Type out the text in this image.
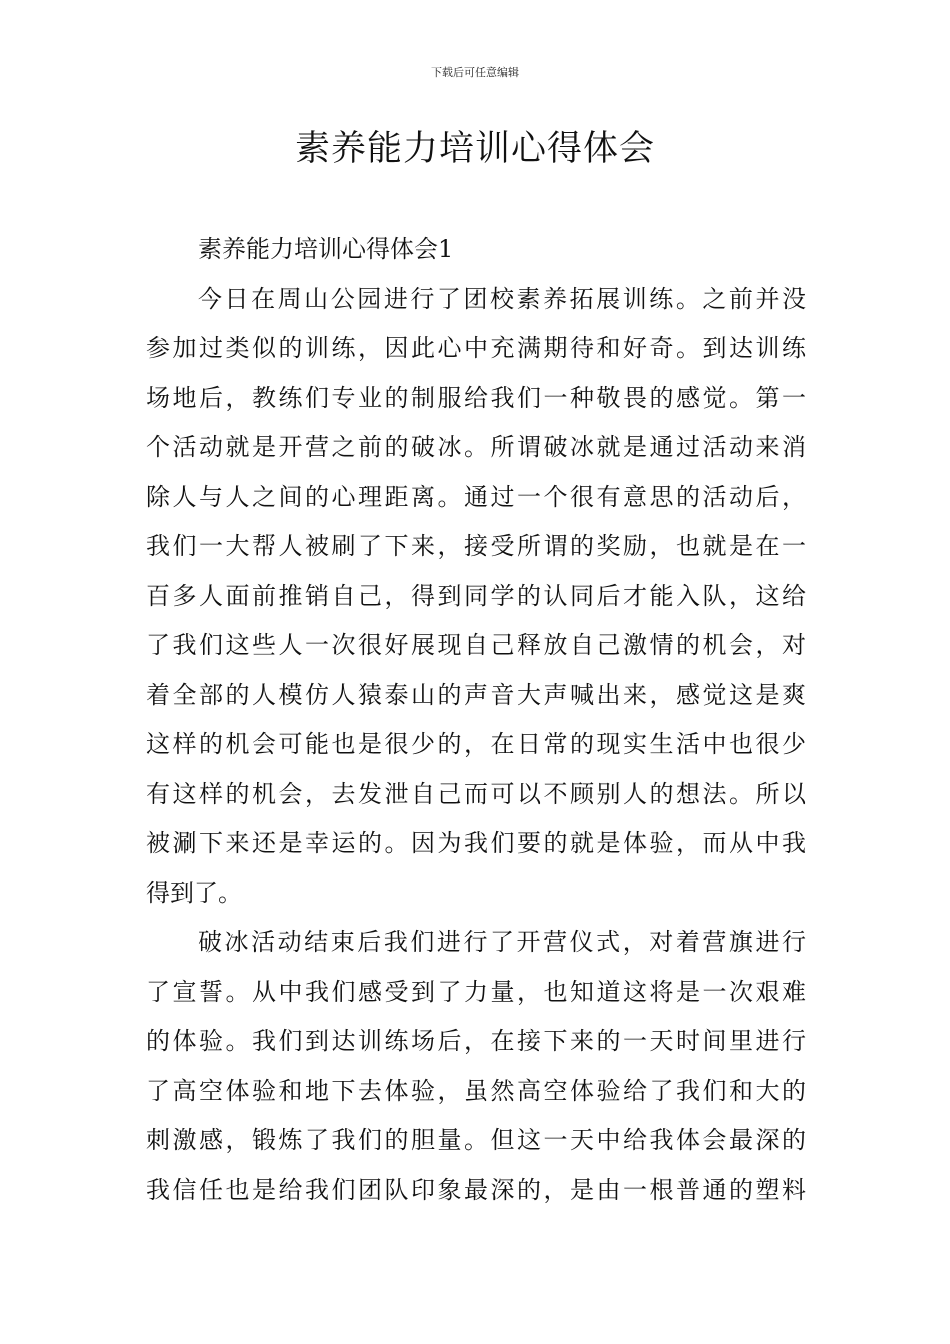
下载后可任意编辑
素养能力培训心得体会
素养能力培训心得体会1
今日在周山公园进行了团校素养拓展训练。之前并没
参加过类似的训练，因此心中充满期待和好奇。到达训练
场地后，教练们专业的制服给我们一种敬畏的感觉。第一
个活动就是开营之前的破冰。所谓破冰就是通过活动来消
除人与人之间的心理距离。通过一个很有意思的活动后，
我们一大帮人被刷了下来，接受所谓的奖励，也就是在一
百多人面前推销自己，得到同学的认同后才能入队，这给
了我们这些人一次很好展现自己释放自己激情的机会，对
着全部的人模仿人猿泰山的声音大声喊出来，感觉这是爽
这样的机会可能也是很少的，在日常的现实生活中也很少
有这样的机会，去发泄自己而可以不顾别人的想法。所以
被涮下来还是幸运的。因为我们要的就是体验，而从中我
得到了。
破冰活动结束后我们进行了开营仪式，对着营旗进行
了宣誓。从中我们感受到了力量，也知道这将是一次艰难
的体验。我们到达训练场后，在接下来的一天时间里进行
了高空体验和地下去体验，虽然高空体验给了我们和大的
刺激感，锻炼了我们的胆量。但这一天中给我体会最深的
我信任也是给我们团队印象最深的，是由一根普通的塑料
